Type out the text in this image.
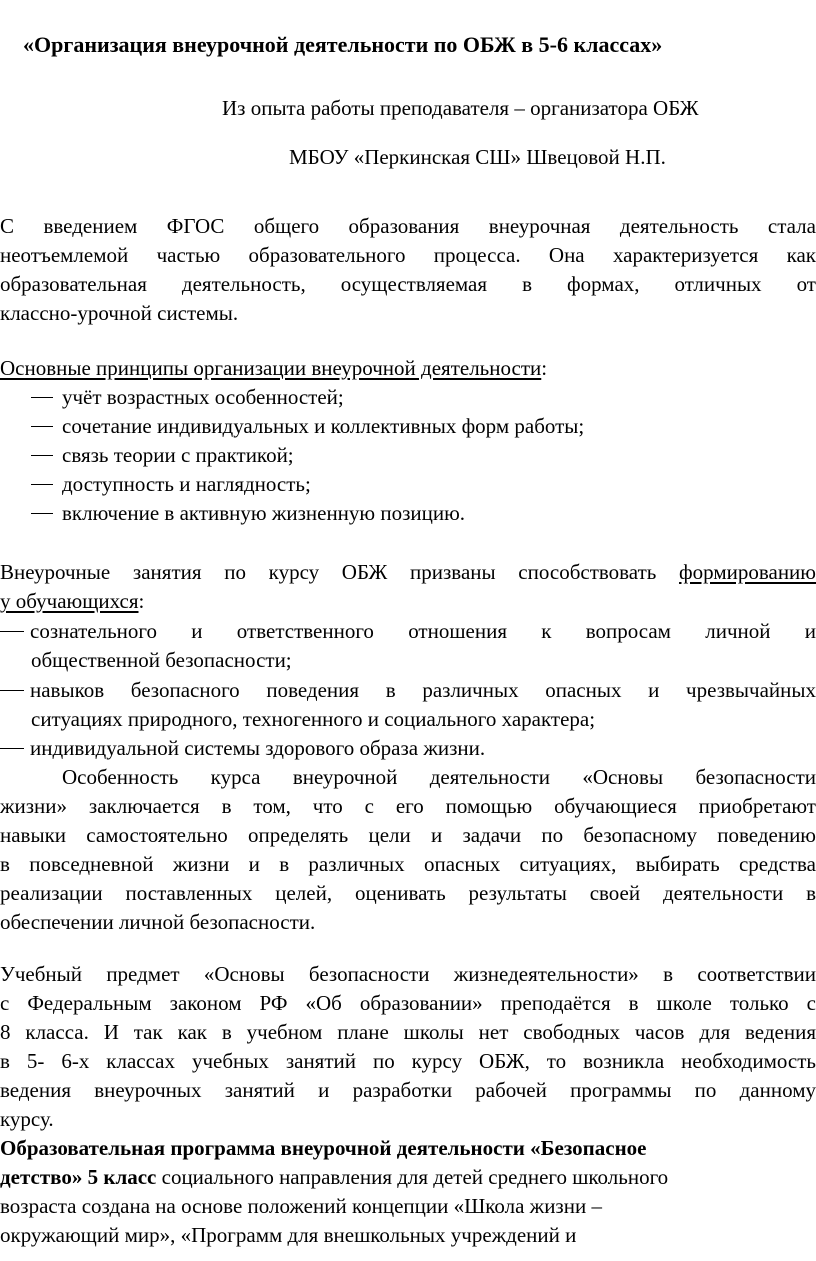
«Организация внеурочной деятельности по ОБЖ в 5-6 классах»
Из опыта работы преподавателя – организатора ОБЖ
МБОУ «Перкинская СШ» Швецовой Н.П.
С введением ФГОС общего образования внеурочная деятельность стала
неотъемлемой частью образовательного процесса. Она характеризуется как
образовательная деятельность, осуществляемая в формах, отличных от
классно-урочной системы.
Основные принципы организации внеурочной деятельности:
учёт возрастных особенностей;
сочетание индивидуальных и коллективных форм работы;
связь теории с практикой;
доступность и наглядность;
включение в активную жизненную позицию.
Внеурочные занятия по курсу ОБЖ призваны способствовать формированию
у обучающихся:
сознательного и ответственного отношения к вопросам личной и
общественной безопасности;
навыков безопасного поведения в различных опасных и чрезвычайных
ситуациях природного, техногенного и социального характера;
индивидуальной системы здорового образа жизни.
Особенность курса внеурочной деятельности «Основы безопасности
жизни» заключается в том, что с его помощью обучающиеся приобретают
навыки самостоятельно определять цели и задачи по безопасному поведению
в повседневной жизни и в различных опасных ситуациях, выбирать средства
реализации поставленных целей, оценивать результаты своей деятельности в
обеспечении личной безопасности.
Учебный предмет «Основы безопасности жизнедеятельности» в соответствии
с Федеральным законом РФ «Об образовании» преподаётся в школе только с
8 класса. И так как в учебном плане школы нет свободных часов для ведения
в 5- 6-х классах учебных занятий по курсу ОБЖ, то возникла необходимость
ведения внеурочных занятий и разработки рабочей программы по данному
курсу.
Образовательная программа внеурочной деятельности «Безопасное
детство» 5 класс социального направления для детей среднего школьного
возраста создана на основе положений концепции «Школа жизни –
окружающий мир», «Программ для внешкольных учреждений и
